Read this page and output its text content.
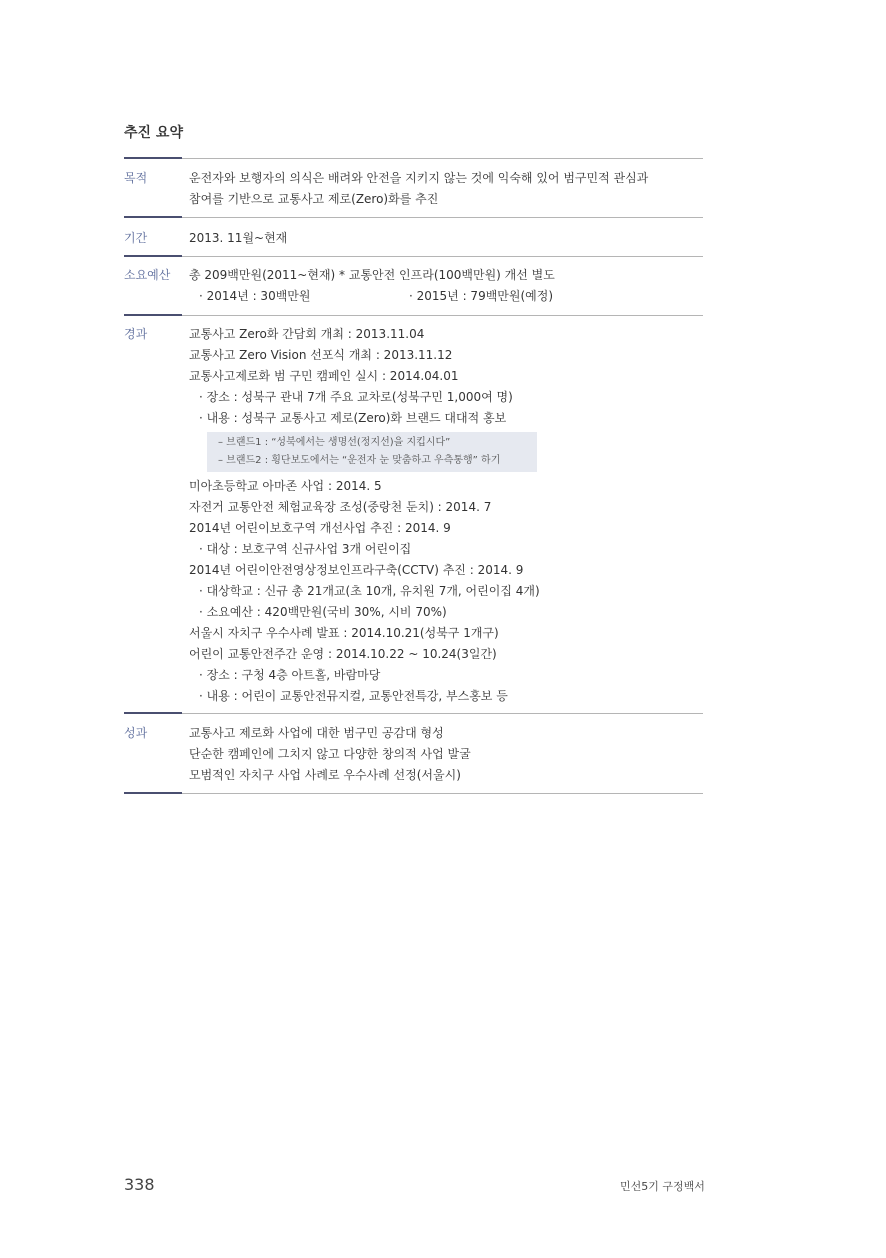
추진 요약
목적	운전자와 보행자의 의식은 배려와 안전을 지키지 않는 것에 익숙해 있어 범구민적 관심과
참여를 기반으로 교통사고 제로(Zero)화를 추진
기간	2013. 11월~현재
소요예산 총 209백만원(2011~현재) * 교통안전 인프라(100백만원) 개선 별도
· 2014년 : 30백만원	· 2015년 : 79백만원(예정)
경과	교통사고 Zero화 간담회 개최 : 2013.11.04
교통사고 Zero Vision 선포식 개최 : 2013.11.12
교통사고제로화 범 구민 캠페인 실시 : 2014.04.01
· 장소 : 성북구 관내 7개 주요 교차로(성북구민 1,000여 명)
· 내용 : 성북구 교통사고 제로(Zero)화 브랜드 대대적 홍보
– 브랜드1 : “성북에서는 생명선(정지선)을 지킵시다”
– 브랜드2 : 횡단보도에서는 “운전자 눈 맞춤하고 우측통행” 하기
미아초등학교 아마존 사업 : 2014. 5
자전거 교통안전 체험교육장 조성(중랑천 둔치) : 2014. 7
2014년 어린이보호구역 개선사업 추진 : 2014. 9
· 대상 : 보호구역 신규사업 3개 어린이집
2014년 어린이안전영상정보인프라구축(CCTV) 추진 : 2014. 9
· 대상학교 : 신규 총 21개교(초 10개, 유치원 7개, 어린이집 4개)
· 소요예산 : 420백만원(국비 30%, 시비 70%)
서울시 자치구 우수사례 발표 : 2014.10.21(성북구 1개구)
어린이 교통안전주간 운영 : 2014.10.22 ~ 10.24(3일간)
· 장소 : 구청 4층 아트홀, 바람마당
· 내용 : 어린이 교통안전뮤지컬, 교통안전특강, 부스홍보 등
성과	교통사고 제로화 사업에 대한 범구민 공감대 형성
단순한 캠페인에 그치지 않고 다양한 창의적 사업 발굴
모범적인 자치구 사업 사례로 우수사례 선정(서울시)
338	민선5기 구정백서
